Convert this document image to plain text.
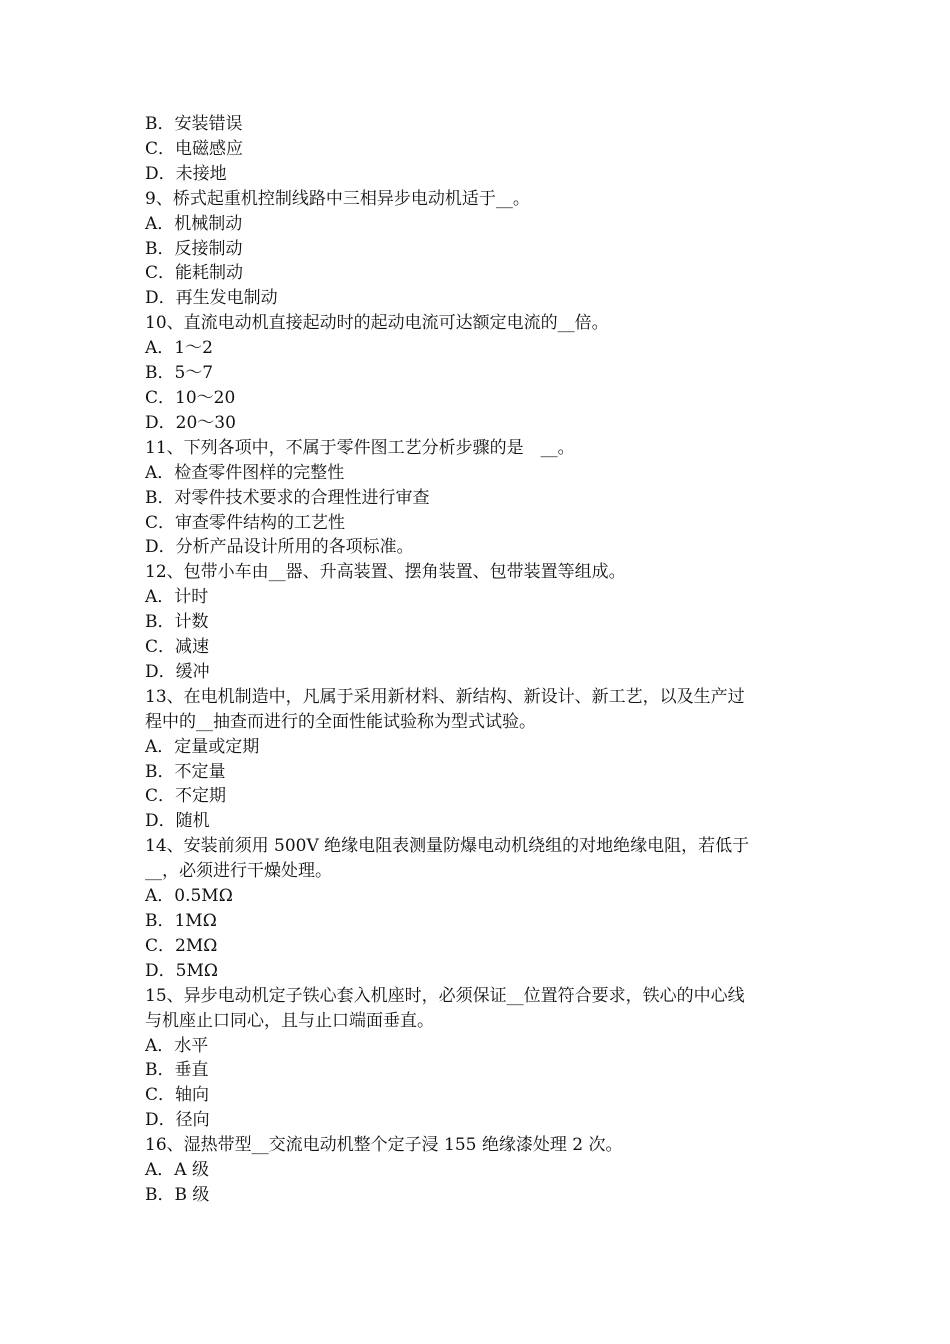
B．安装错误

C．电磁感应

D．未接地

9、桥式起重机控制线路中三相异步电动机适于__。

A．机械制动

B．反接制动

C．能耗制动

D．再生发电制动

10、直流电动机直接起动时的起动电流可达额定电流的__倍。

A．1～2

B．5～7

C．10～20

D．20～30

11、下列各项中，不属于零件图工艺分析步骤的是　__。

A．检查零件图样的完整性

B．对零件技术要求的合理性进行审查

C．审查零件结构的工艺性

D．分析产品设计所用的各项标准。

12、包带小车由__器、升高装置、摆角装置、包带装置等组成。

A．计时

B．计数

C．减速

D．缓冲

13、在电机制造中，凡属于采用新材料、新结构、新设计、新工艺，以及生产过

程中的__抽查而进行的全面性能试验称为型式试验。

A．定量或定期

B．不定量

C．不定期

D．随机

14、安装前须用 500V 绝缘电阻表测量防爆电动机绕组的对地绝缘电阻，若低于

__，必须进行干燥处理。

A．0.5MΩ

B．1MΩ

C．2MΩ

D．5MΩ

15、异步电动机定子铁心套入机座时，必须保证__位置符合要求，铁心的中心线

与机座止口同心，且与止口端面垂直。

A．水平

B．垂直

C．轴向

D．径向

16、湿热带型__交流电动机整个定子浸 155 绝缘漆处理 2 次。

A．A 级

B．B 级
